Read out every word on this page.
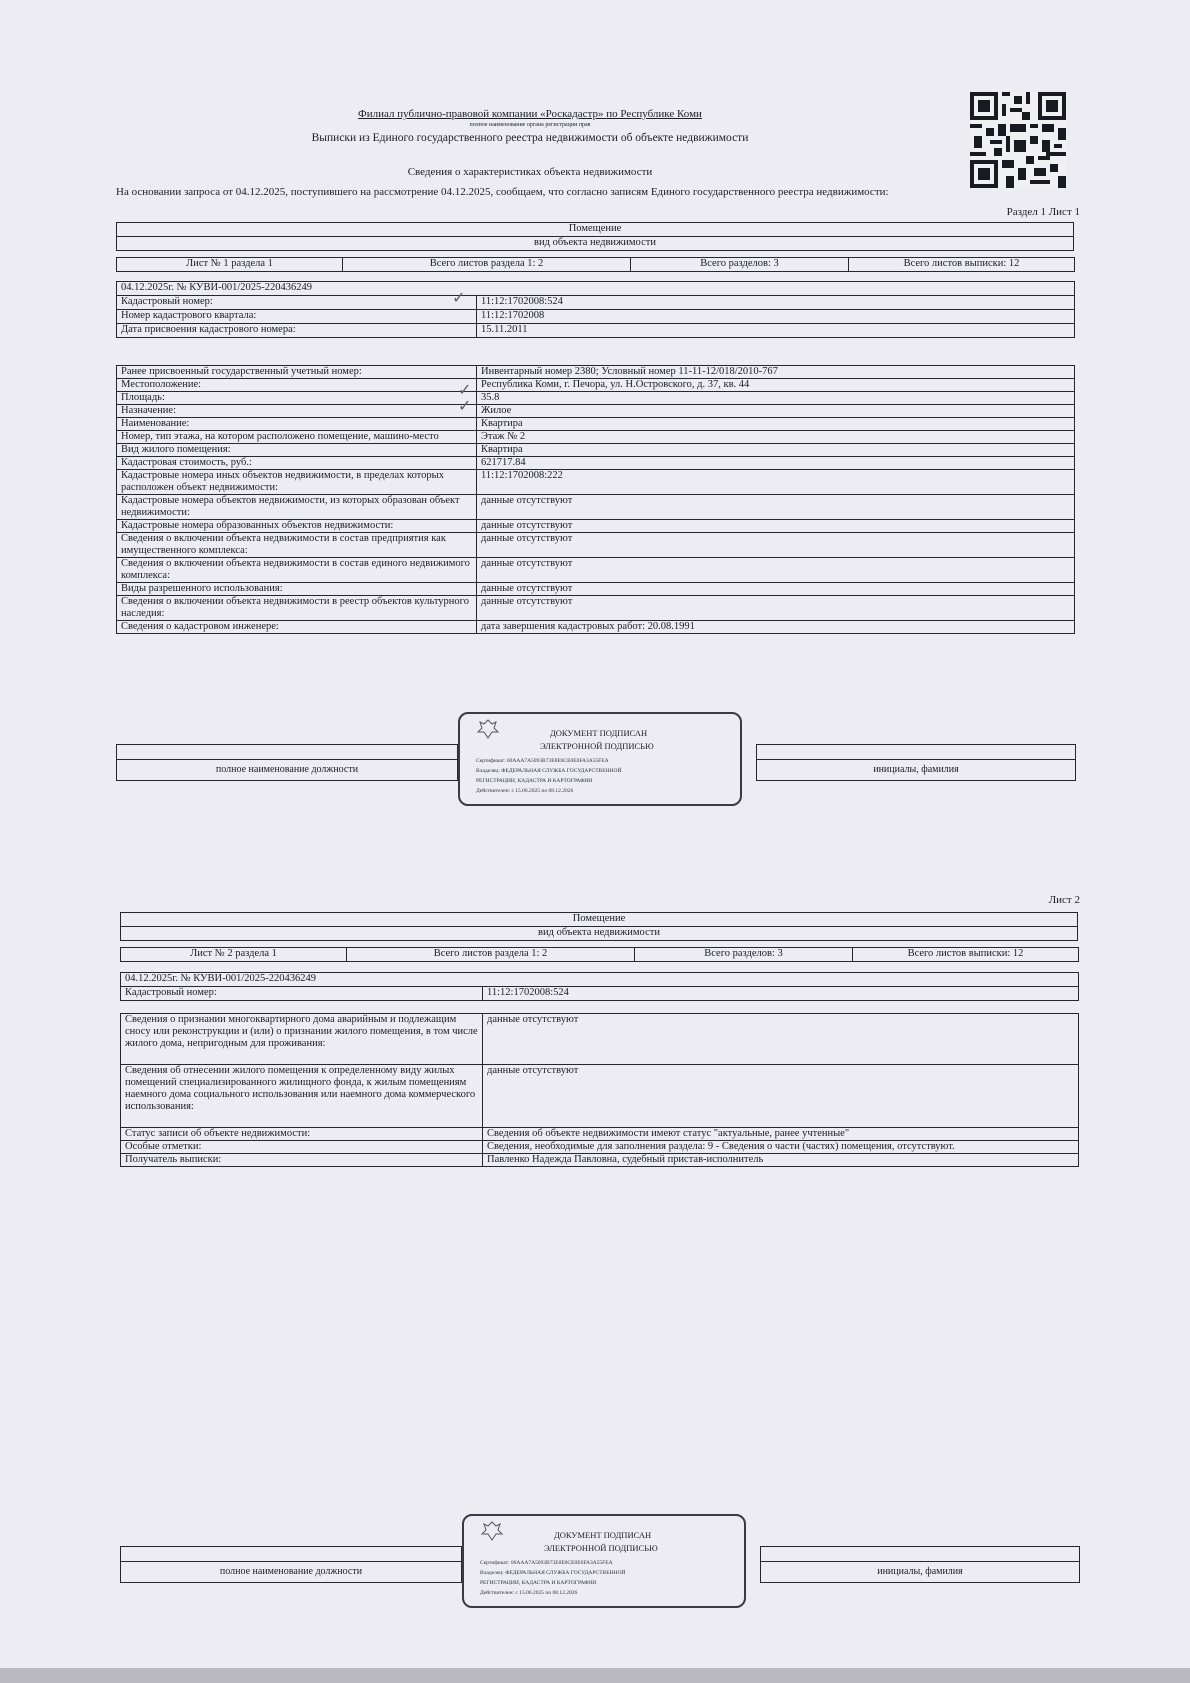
Филиал публично-правовой компании «Роскадастр» по Республике Коми
полное наименование органа регистрации прав
Выписки из Единого государственного реестра недвижимости об объекте недвижимости
Сведения о характеристиках объекта недвижимости
На основании запроса от 04.12.2025, поступившего на рассмотрение 04.12.2025, сообщаем, что согласно записям Единого государственного реестра недвижимости:
Раздел 1 Лист 1
Помещение
вид объекта недвижимости
Лист № 1 раздела 1	Всего листов раздела 1: 2	Всего разделов: 3	Всего листов выписки: 12
04.12.2025г. № КУВИ-001/2025-220436249	
Кадастровый номер:	11:12:1702008:524
Номер кадастрового квартала:	11:12:1702008
Дата присвоения кадастрового номера:	15.11.2011
Ранее присвоенный государственный учетный номер:	Инвентарный номер 2380; Условный номер 11-11-12/018/2010-767
Местоположение:	Республика Коми, г. Печора, ул. Н.Островского, д. 37, кв. 44
Площадь:	35.8
Назначение:	Жилое
Наименование:	Квартира
Номер, тип этажа, на котором расположено помещение, машино-место	Этаж № 2
Вид жилого помещения:	Квартира
Кадастровая стоимость, руб.:	621717.84
Кадастровые номера иных объектов недвижимости, в пределах которых расположен объект недвижимости:	11:12:1702008:222
Кадастровые номера объектов недвижимости, из которых образован объект недвижимости:	данные отсутствуют
Кадастровые номера образованных объектов недвижимости:	данные отсутствуют
Сведения о включении объекта недвижимости в состав предприятия как имущественного комплекса:	данные отсутствуют
Сведения о включении объекта недвижимости в состав единого недвижимого комплекса:	данные отсутствуют
Виды разрешенного использования:	данные отсутствуют
Сведения о включении объекта недвижимости в реестр объектов культурного наследия:	данные отсутствуют
Сведения о кадастровом инженере:	дата завершения кадастровых работ: 20.08.1991
✓
✓
✓
полное наименование должности	инициалы, фамилия
ДОКУМЕНТ ПОДПИСАН
ЭЛЕКТРОННОЙ ПОДПИСЬЮ
Сертификат: 00AAA7A5093B73E8E0CE0E0FA3A55FEA
Владелец: ФЕДЕРАЛЬНАЯ СЛУЖБА ГОСУДАРСТВЕННОЙ
РЕГИСТРАЦИИ, КАДАСТРА И КАРТОГРАФИИ
Действителен: с 15.06.2025 по 08.12.2026
Лист 2
Помещение
вид объекта недвижимости
Лист № 2 раздела 1	Всего листов раздела 1: 2	Всего разделов: 3	Всего листов выписки: 12
04.12.2025г. № КУВИ-001/2025-220436249
Кадастровый номер:	11:12:1702008:524
Сведения о признании многоквартирного дома аварийным и подлежащим сносу или реконструкции и (или) о признании жилого помещения, в том числе жилого дома, непригодным для проживания:	данные отсутствуют
Сведения об отнесении жилого помещения к определенному виду жилых помещений специализированного жилищного фонда, к жилым помещениям наемного дома социального использования или наемного дома коммерческого использования:	данные отсутствуют
Статус записи об объекте недвижимости:	Сведения об объекте недвижимости имеют статус "актуальные, ранее учтенные"
Особые отметки:	Сведения, необходимые для заполнения раздела: 9 - Сведения о части (частях) помещения, отсутствуют.
Получатель выписки:	Павленко Надежда Павловна, судебный пристав-исполнитель
полное наименование должности	инициалы, фамилия
ДОКУМЕНТ ПОДПИСАН
ЭЛЕКТРОННОЙ ПОДПИСЬЮ
Сертификат: 00AAA7A5093B73E8E0CE0E0FA3A55FEA
Владелец: ФЕДЕРАЛЬНАЯ СЛУЖБА ГОСУДАРСТВЕННОЙ
РЕГИСТРАЦИИ, КАДАСТРА И КАРТОГРАФИИ
Действителен: с 15.06.2025 по 08.12.2026
